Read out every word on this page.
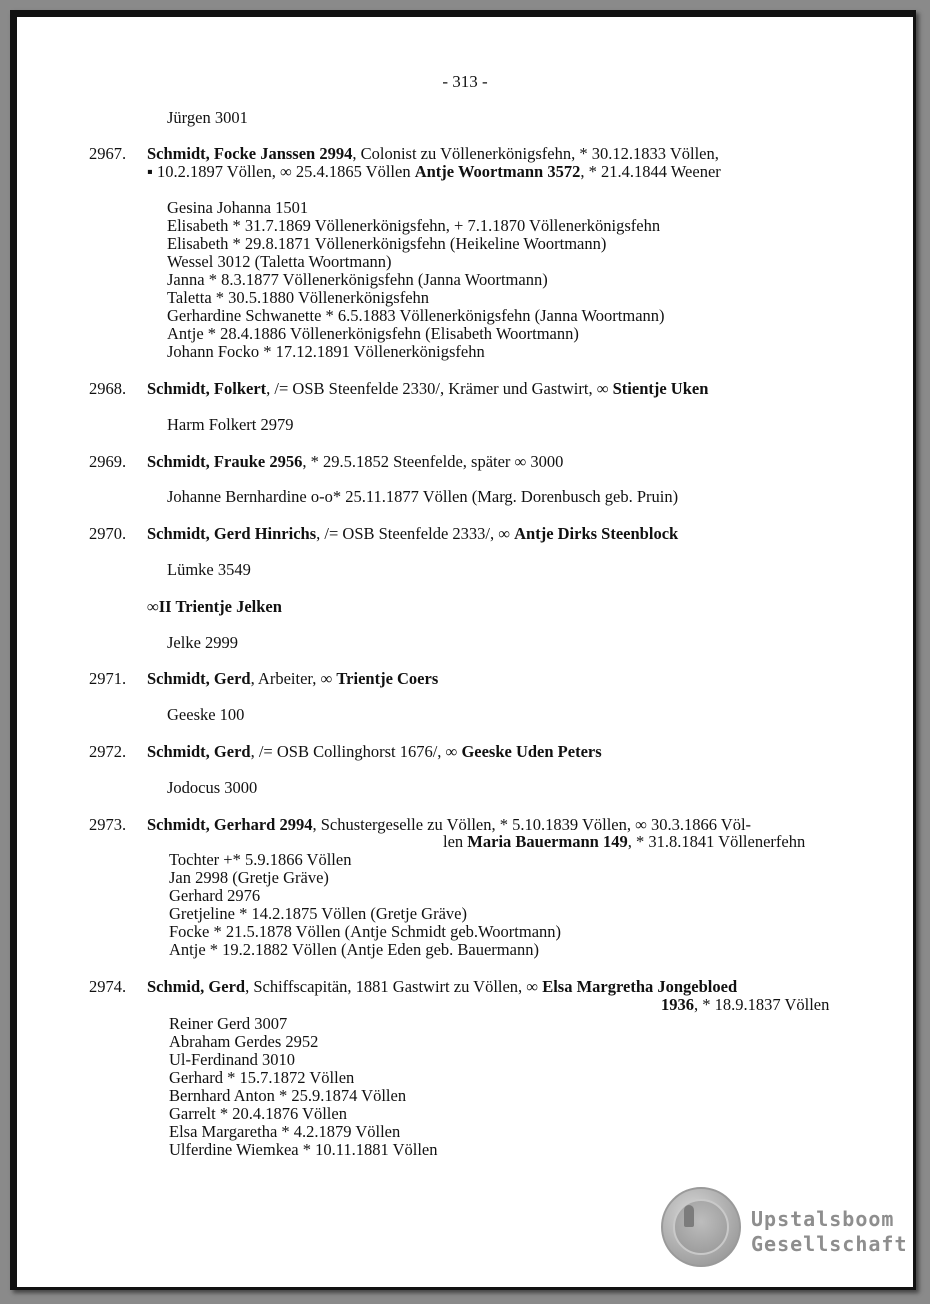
- 313 -
Jürgen 3001
2967. Schmidt, Focke Janssen 2994, Colonist zu Völlenerkönigsfehn, * 30.12.1833 Völlen,
▪ 10.2.1897 Völlen, ∞ 25.4.1865 Völlen Antje Woortmann 3572, * 21.4.1844 Weener
Gesina Johanna 1501
Elisabeth * 31.7.1869 Völlenerkönigsfehn, + 7.1.1870 Völlenerkönigsfehn
Elisabeth * 29.8.1871 Völlenerkönigsfehn (Heikeline Woortmann)
Wessel 3012 (Taletta Woortmann)
Janna * 8.3.1877 Völlenerkönigsfehn (Janna Woortmann)
Taletta * 30.5.1880 Völlenerkönigsfehn
Gerhardine Schwanette * 6.5.1883 Völlenerkönigsfehn (Janna Woortmann)
Antje * 28.4.1886 Völlenerkönigsfehn (Elisabeth Woortmann)
Johann Focko * 17.12.1891 Völlenerkönigsfehn
2968. Schmidt, Folkert, /= OSB Steenfelde 2330/, Krämer und Gastwirt, ∞ Stientje Uken
Harm Folkert 2979
2969. Schmidt, Frauke 2956, * 29.5.1852 Steenfelde, später ∞ 3000
Johanne Bernhardine o-o* 25.11.1877 Völlen (Marg. Dorenbusch geb. Pruin)
2970. Schmidt, Gerd Hinrichs, /= OSB Steenfelde 2333/, ∞ Antje Dirks Steenblock
Lümke 3549
∞II Trientje Jelken
Jelke 2999
2971. Schmidt, Gerd, Arbeiter, ∞ Trientje Coers
Geeske 100
2972. Schmidt, Gerd, /= OSB Collinghorst 1676/, ∞ Geeske Uden Peters
Jodocus 3000
2973. Schmidt, Gerhard 2994, Schustergeselle zu Völlen, * 5.10.1839 Völlen, ∞ 30.3.1866 Völ-
len Maria Bauermann 149, * 31.8.1841 Völlenerfehn
Tochter +* 5.9.1866 Völlen
Jan 2998 (Gretje Gräve)
Gerhard 2976
Gretjeline * 14.2.1875 Völlen (Gretje Gräve)
Focke * 21.5.1878 Völlen (Antje Schmidt geb.Woortmann)
Antje * 19.2.1882 Völlen (Antje Eden geb. Bauermann)
2974. Schmid, Gerd, Schiffscapitän, 1881 Gastwirt zu Völlen, ∞ Elsa Margretha Jongebloed
1936, * 18.9.1837 Völlen
Reiner Gerd 3007
Abraham Gerdes 2952
Ul-Ferdinand 3010
Gerhard * 15.7.1872 Völlen
Bernhard Anton * 25.9.1874 Völlen
Garrelt * 20.4.1876 Völlen
Elsa Margaretha * 4.2.1879 Völlen
Ulferdine Wiemkea * 10.11.1881 Völlen
Upstalsboom
Gesellschaft
